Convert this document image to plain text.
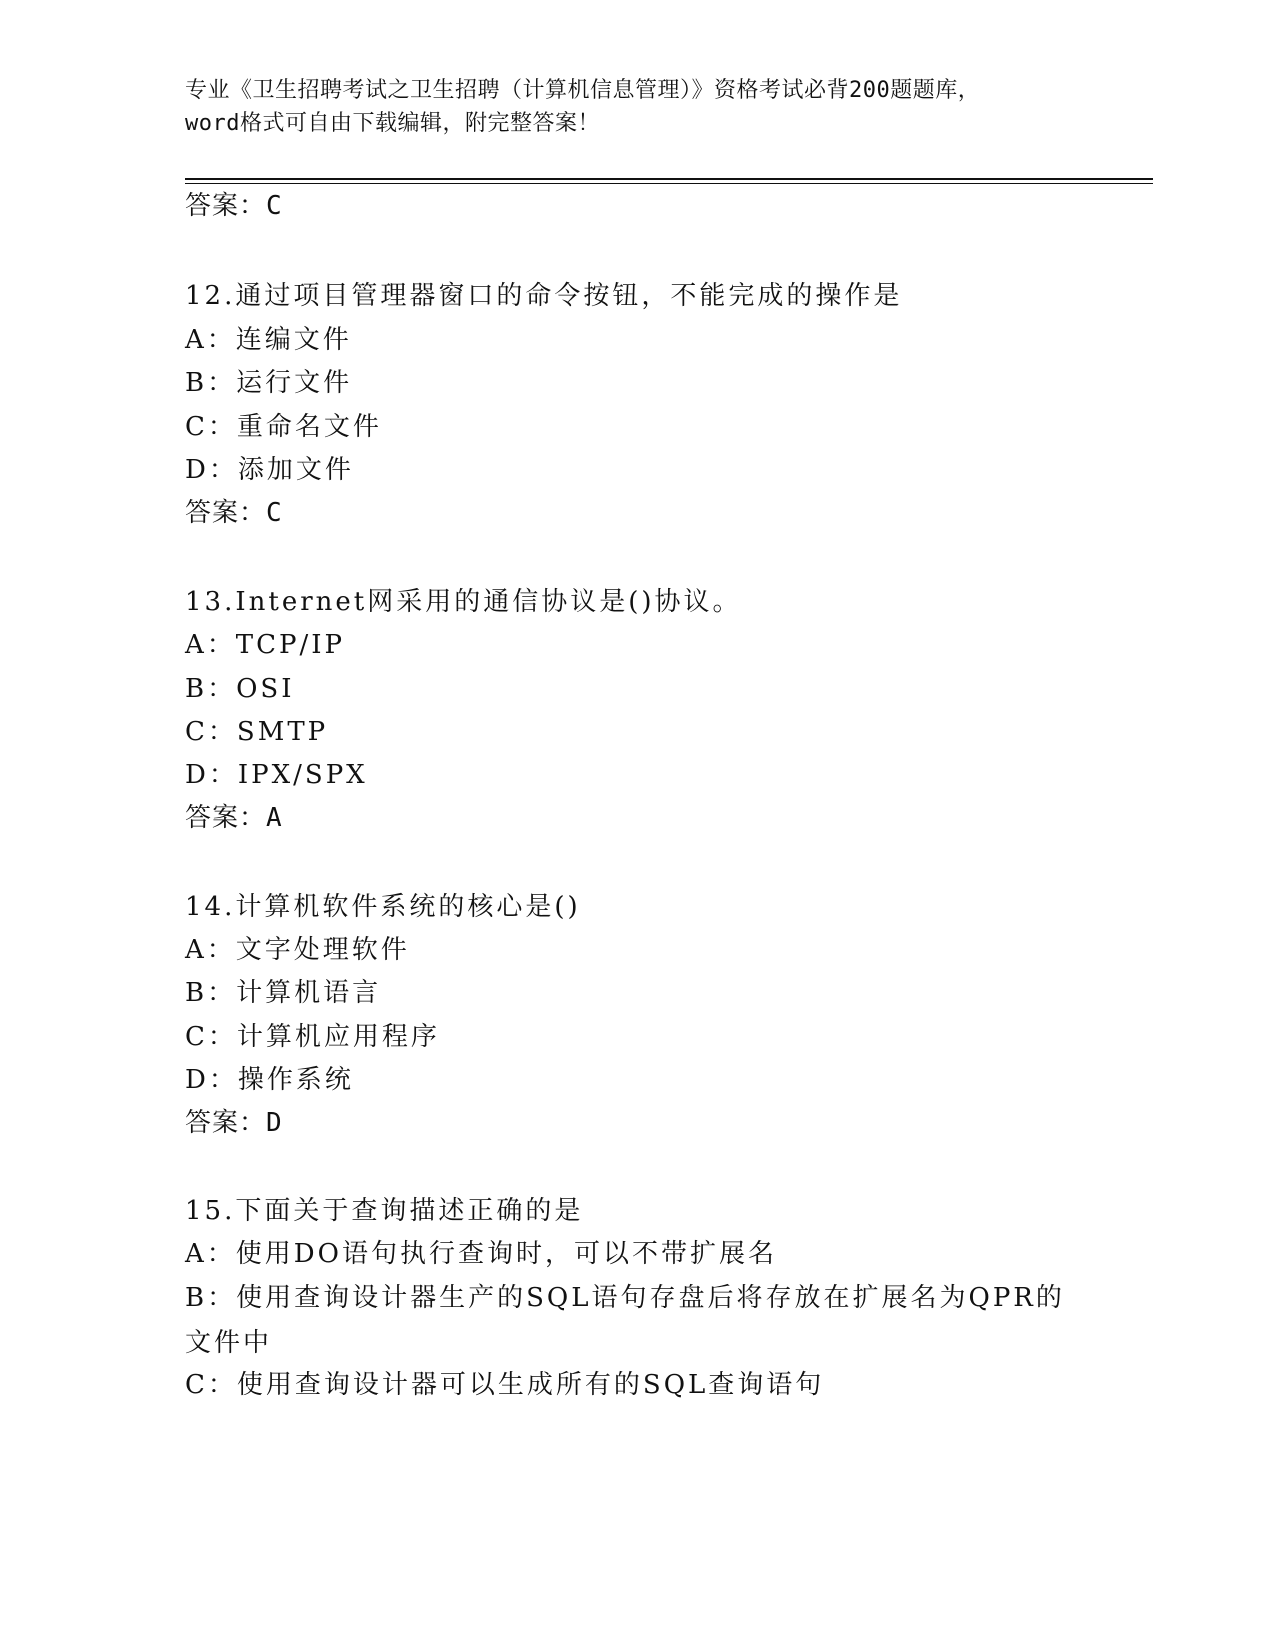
专业《卫生招聘考试之卫生招聘（计算机信息管理）》资格考试必背200题题库，
word格式可自由下载编辑，附完整答案！
答案：C
12.通过项目管理器窗口的命令按钮，不能完成的操作是
A：连编文件
B：运行文件
C：重命名文件
D：添加文件
答案：C
13.Internet网采用的通信协议是()协议。
A：TCP/IP
B：OSI
C：SMTP
D：IPX/SPX
答案：A
14.计算机软件系统的核心是()
A：文字处理软件
B：计算机语言
C：计算机应用程序
D：操作系统
答案：D
15.下面关于查询描述正确的是
A：使用DO语句执行查询时，可以不带扩展名
B：使用查询设计器生产的SQL语句存盘后将存放在扩展名为QPR的文件中
C：使用查询设计器可以生成所有的SQL查询语句
